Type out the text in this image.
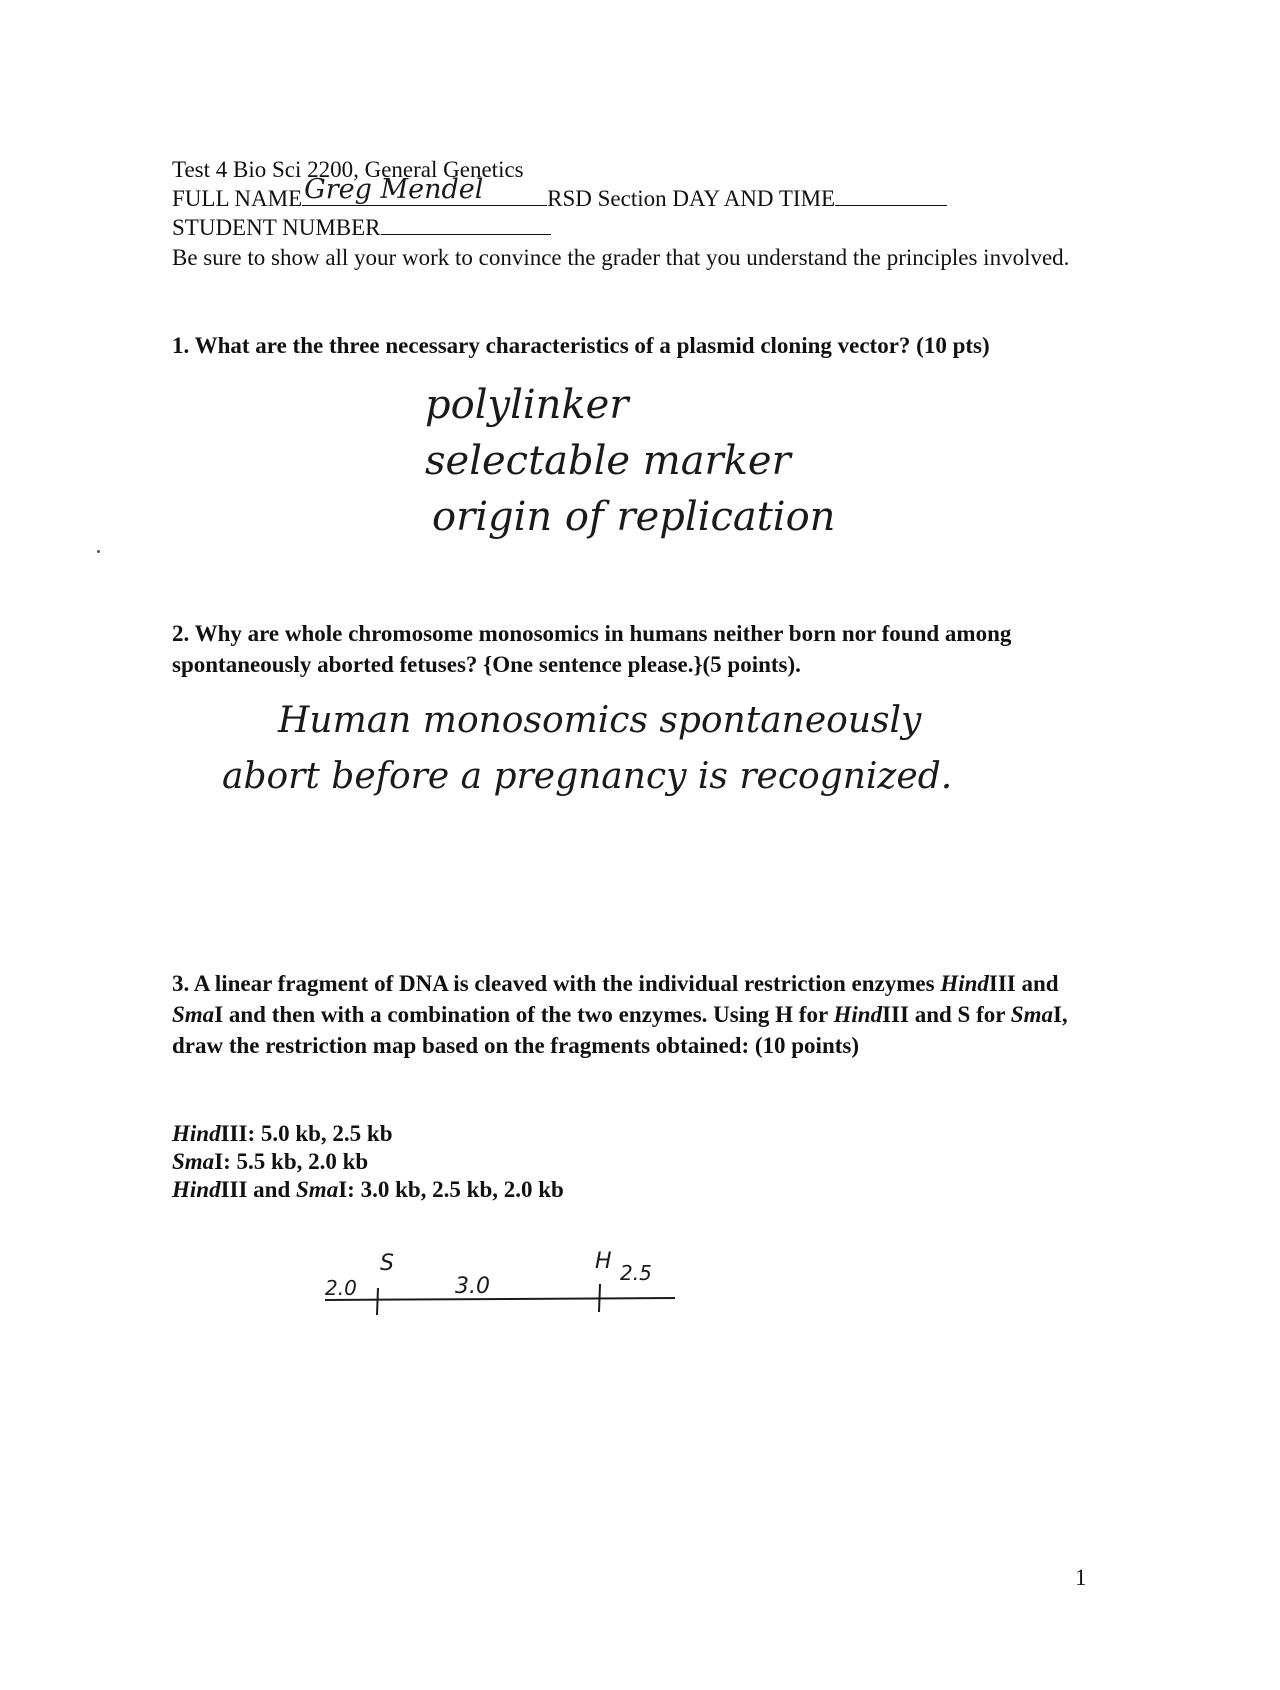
Test 4 Bio Sci 2200, General Genetics
FULL NAME Greg Mendel	RSD Section DAY AND TIME
STUDENT NUMBER
Be sure to show all your work to convince the grader that you understand the principles involved.
1. What are the three necessary characteristics of a plasmid cloning vector? (10 pts)
polylinker
selectable marker
origin of replication
2. Why are whole chromosome monosomics in humans neither born nor found among spontaneously aborted fetuses? {One sentence please.}(5 points).
Human monosomics spontaneously
abort before a pregnancy is recognized.
3. A linear fragment of DNA is cleaved with the individual restriction enzymes HindIII and SmaI and then with a combination of the two enzymes. Using H for HindIII and S for SmaI, draw the restriction map based on the fragments obtained: (10 points)
HindIII: 5.0 kb, 2.5 kb
SmaI: 5.5 kb, 2.0 kb
HindIII and SmaI: 3.0 kb, 2.5 kb, 2.0 kb
S	H
2.0	3.0
2.5
1
